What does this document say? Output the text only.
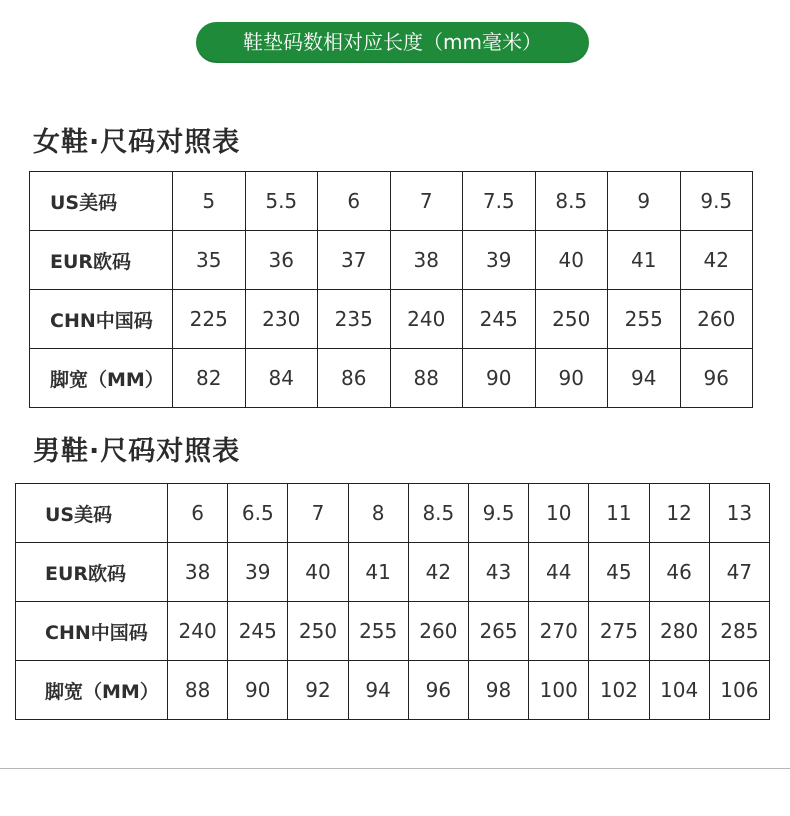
鞋垫码数相对应长度（mm毫米）
女鞋·尺码对照表
US美码	5	5.5	6	7	7.5	8.5	9	9.5
EUR欧码	35	36	37	38	39	40	41	42
CHN中国码	225	230	235	240	245	250	255	260
脚宽（MM）	82	84	86	88	90	90	94	96
男鞋·尺码对照表
US美码	6	6.5	7	8	8.5	9.5	10	11	12	13
EUR欧码	38	39	40	41	42	43	44	45	46	47
CHN中国码	240	245	250	255	260	265	270	275	280	285
脚宽（MM）	88	90	92	94	96	98	100	102	104	106
